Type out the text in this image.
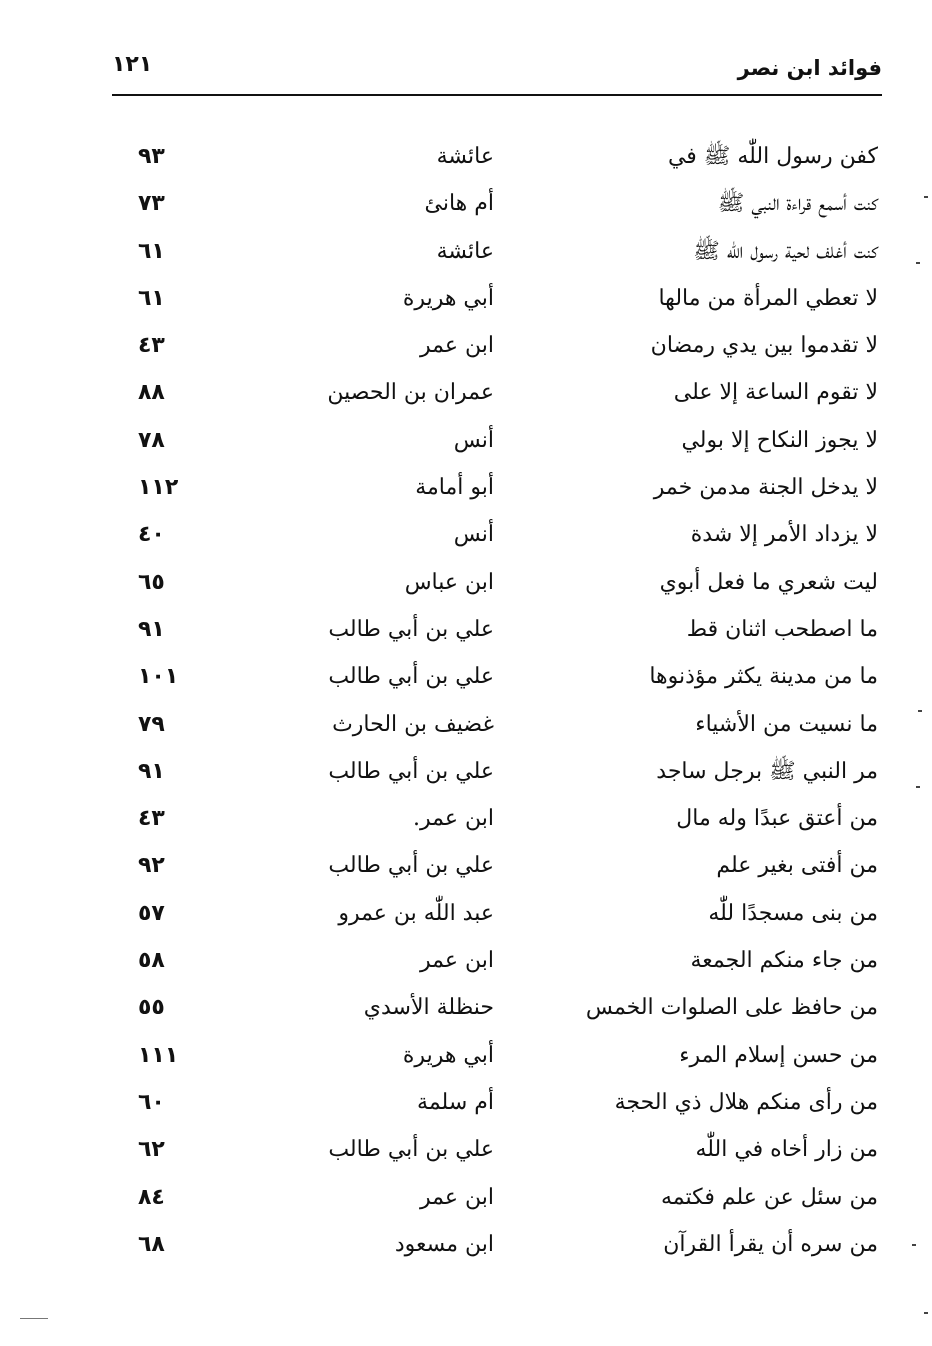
فوائد ابن نصر
١٢١
كفن رسول اللّٰه ﷺ في
عائشة
٩٣
كنت أسمع قراءة النبي ﷺ
أم هانئ
٧٣
كنت أغلف لحية رسول اللّٰه ﷺ
عائشة
٦١
لا تعطي المرأة من مالها
أبي هريرة
٦١
لا تقدموا بين يدي رمضان
ابن عمر
٤٣
لا تقوم الساعة إلا على
عمران بن الحصين
٨٨
لا يجوز النكاح إلا بولي
أنس
٧٨
لا يدخل الجنة مدمن خمر
أبو أمامة
١١٢
لا يزداد الأمر إلا شدة
أنس
٤٠
ليت شعري ما فعل أبوي
ابن عباس
٦٥
ما اصطحب اثنان قط
علي بن أبي طالب
٩١
ما من مدينة يكثر مؤذنوها
علي بن أبي طالب
١٠١
ما نسيت من الأشياء
غضيف بن الحارث
٧٩
مر النبي ﷺ برجل ساجد
علي بن أبي طالب
٩١
من أعتق عبدًا وله مال
ابن عمر.
٤٣
من أفتى بغير علم
علي بن أبي طالب
٩٢
من بنى مسجدًا للّٰه
عبد اللّٰه بن عمرو
٥٧
من جاء منكم الجمعة
ابن عمر
٥٨
من حافظ على الصلوات الخمس
حنظلة الأسدي
٥٥
من حسن إسلام المرء
أبي هريرة
١١١
من رأى منكم هلال ذي الحجة
أم سلمة
٦٠
من زار أخاه في اللّٰه
علي بن أبي طالب
٦٢
من سئل عن علم فكتمه
ابن عمر
٨٤
من سره أن يقرأ القرآن
ابن مسعود
٦٨
